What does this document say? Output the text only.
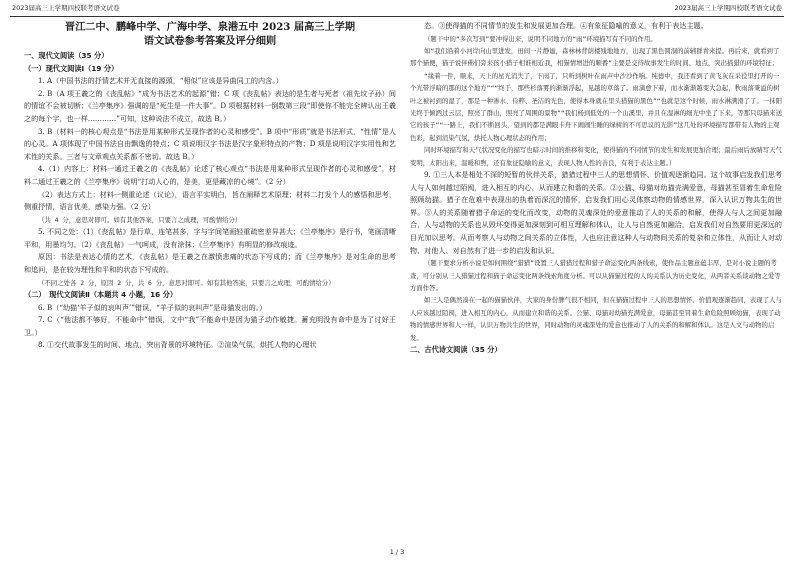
2023届高三上学期四校联考语文试卷	2023届高三上学期四校联考语文试卷
晋江二中、鹏峰中学、广海中学、泉港五中 2023 届高三上学期
语文试卷参考答案及评分细则
一、现代文阅读（35 分）
（一）现代文阅读Ⅰ（19 分）
1. A（中国书法的抒情艺术并无直接的源頭，“相似”应该是异曲同工的内含。）
2. B（A 项王羲之的《丧乱帖》“成为书法艺术的起源”错；C 项《丧乱帖》表达的是生者与死者（祖先坟子孙）间的情谊不会被切断；《兰亭集序》强调的是“死生是一件大事”。D 项根据材料一倒数第三段“即使你不能完全辨认出王羲之的每个字，也一样…………”可知，这种说法不成立，故选 B。）
3. B（材料一的核心观点是“书法是用某种形式呈现作者的心灵和感受”。B 项中“形质”就是书法形式，“性情”是人的心灵。A 项体现了中国书法自由飘逸的特点；C 项说明汉字书法是汉字象形特点的产物；D 项是说明汉字实用性和艺术性的关系。三者与文章观点关系都不密切。故选 B。）
4.（1）内容上：材料一通过王羲之的《丧乱帖》论述了核心观点“书法是用某种形式呈现作者的心灵和感受”，材料二通过王羲之的《兰亭集序》说明“打动人心的，是美，更是藏凉的心境”。（2 分）
（2）表达方式上：材料一侧重论述（议论），语言平实明白，旨在阐释艺术原理；材料二打发个人的感悟和思考，侧重抒情，语言优美，感染力强。（2 分）
（共 4 分，意思对即可。如有其他答案，只要言之成理，可酌情给分）
5. 不同之处：（1）《丧乱帖》是行草，连笔甚多，字与字间笔画轻重疏密差异甚大；《兰亭集序》是行书，笔画清晰平和，用墨均匀。（2）《丧乱帖》一气呵成，没有涂抹；《兰亭集序》有明显的修改痕迹。
原因：书法是表达心情的艺术，《丧乱帖》是王羲之在激愤悲痛的状态下写成的；而《兰亭集序》是对生命的思考和追问，是在较为理性和平和的状态下写成的。
（不同之处各 2 分，原因 2 分，共 6 分，意思对即可。如有其他答案，只要言之成理，可酌情给分）
（二）　现代文阅读Ⅱ（本题共 4 小题，16 分）
6. B（“幼猫‘羊子似的哀叫声’”错误，“羊子似的哀叫声”是母猫发出的。）
7. C（“他法都不够好，不能命中”错误，文中“我”不能命中是因为猫子动作敏捷。蓄充明没有命中是为了讨好王卫。）
8. ①交代故事发生的时间、地点，突出背景的环境特征。②渲染气氛，烘托人物的心理状
态。③使得猫的不同情节的发生和发展更加合理。④有象征隐喻的意义，有利于表达主题。
（题干中的“多次写到”要冲得出来，说明不同地方的“雨”环境描写有不同的作用。
如“我们沿着小河岸向山里进发，田间一片静谧，森林林背荫楼残地地方，出现了黑色圆洞的前辅群青来提。再后来，就看到了那个猫便，猫子说伴佛们旁来孩小猎子相谁相近我，相猫情增进的顺番”主要是交待故事发生的时间、地点，突出描猎的环境特征；
“缘着一件，顺来，天上的星光消失了，下雨了，只听到树叶在雨声中沙沙作响。纯德中，我还看到了黄飞灰在采役里打开的一个光带浮暗的那的这个地方”““终于，那些杉落雾的渐渐浮起，见越的草落了。雨滴愈下着，而水渐渐越变大急起，秋雨落秉溢的树叶之被衬到的湿了，那是一种渗水、俭粹、圣洁的光色，使得本身就在里头猎猫的黑色”“也就是这个时候，雨水淋满滑了了。一抹阳光终于倾洒过云层，照亮了群山，照亮了周围的景物”“我们杨到低处的一个山溪里，并且在湿淋的细光中坐了下来，等那只母猫来送它的孩子”“一路上，我们不断回头，望到的都是满眼卡舟下闹闹生睡的绿树的不可思议的光影”这几处的环境描写都带有人物的主观色彩，起到渲染气氛，烘托人物心理状态的作用；
同时环境描写和天气状况变化的描写也暗示时间的推移和变化，使得猫的不同情节的发生和发展更加合理；最后雨后放睛写天气变明，太阳出来，温暖和煦，还有象征隐喻的意义，表现人物人性的善良，有利于表达主题。）
9. ①三人本是相处不深的短暂的伙伴关系，猎猎过程中三人的思想情怀、价值观逐渐趋同。这个故事启发我们思考人与人如何越过陌阂，进入相互的内心，从而建立和谐的关系。②公猫、母猫对幼猫壳满爱意，母猫甚至冒着生命危险照顾幼猫。猎子在危难中表现出的执着而深沉的情怀，启发我们用心灵体察动物的情感世界，深入认识万物共生的世界。③人的关系随着猎子命运的变化而改变，动物的灵魂深处的爱意推动了人的关系的和解，使得人与人之间更加融合，人与动物的关系也从毁坏变得更加深刻到可相互理解和体认，让人与自然更加融洽，启发我们对自然要用更深远的目光加以思考。从而考察人与动物之间关系的立体性，人也应注意这种人与动物间关系的复杂和立体性，从而让人对动物、对他人、对自然有了进一步的启发和认识。
（题干要求分析小说是如何围绕“猎猎”设置三人猎猎过程和猎子命运变化两条线索，使作品主题意蕴丰厚，是对小说主题的考查，可分别从三人猎猫过程和猫子命运变化两条线索角度分析。可以从猫猫过程的人的关系认为历史变化，从两者关系谈动物之爱等方面作答。
如三人是偶然凑在一起的猫猫伙伴，大家的身份脾气很不相同，但在猫猫过程中三人的思想情怀、价值观逐渐趋同，表现了人与人应该越过陌阂，进入相互的内心，从而建立和谐的关系。公猫、母猫对幼猫充满爱意，母猫甚至冒着生命危险照顾幼猫，表现了动物的情感世界和人一样，认识万物共生的世界，同时动物的灵魂深处的爱意也推动了人的关系的和解和体认。这是人文与动物的启发。
二、古代诗文阅读（35 分）
1 / 3
